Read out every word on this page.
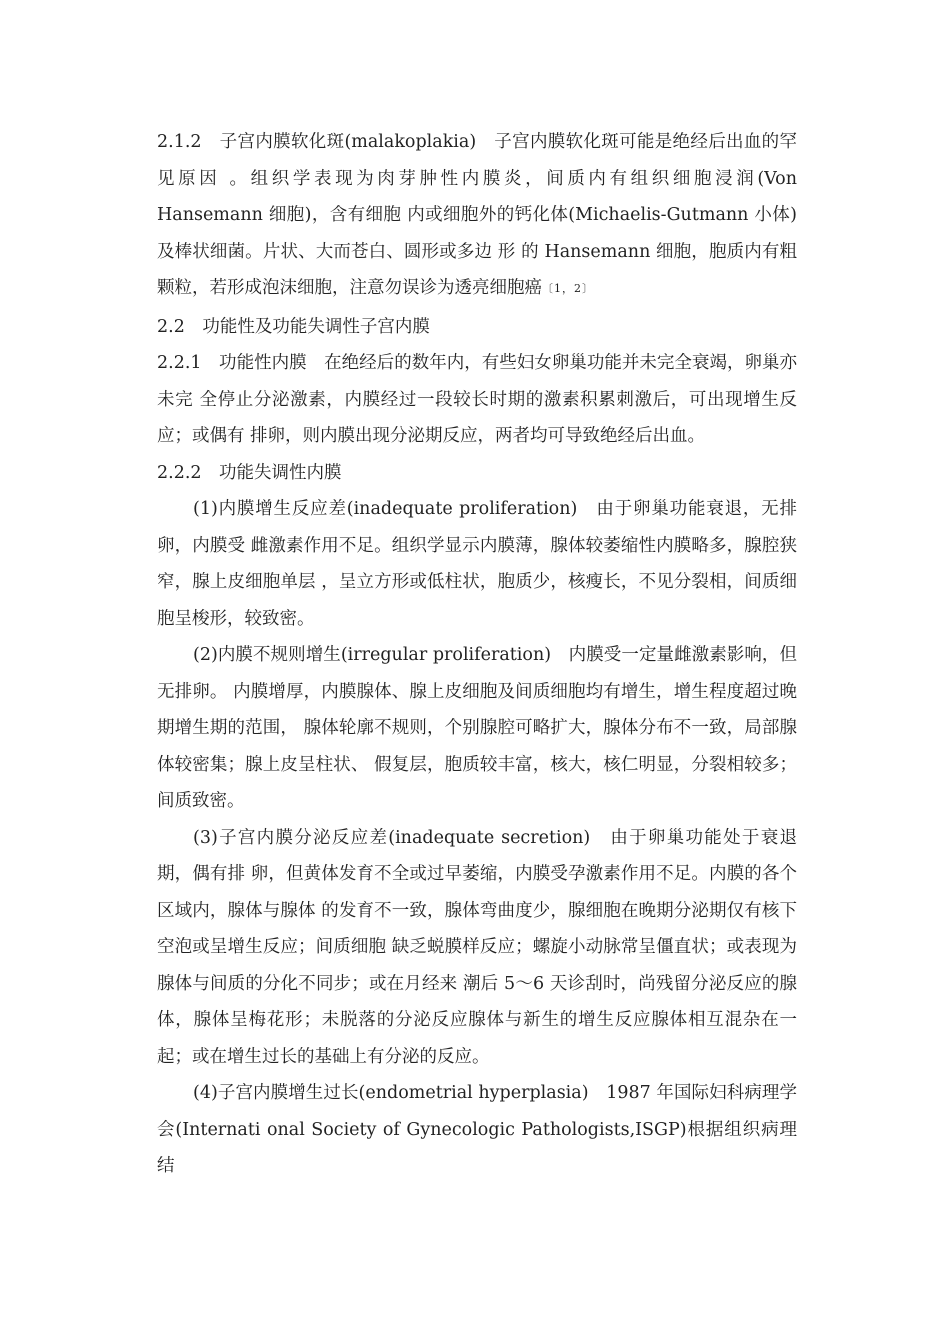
2.1.2　子宫内膜软化斑(malakoplakia)　子宫内膜软化斑可能是绝经后出血的罕见原因 。组织学表现为肉芽肿性内膜炎，间质内有组织细胞浸润(Von Hansemann 细胞)，含有细胞 内或细胞外的钙化体(Michaelis-Gutmann 小体)及棒状细菌。片状、大而苍白、圆形或多边 形 的 Hansemann 细胞，胞质内有粗颗粒，若形成泡沫细胞，注意勿误诊为透亮细胞癌〔1，2〕

2.2　功能性及功能失调性子宫内膜

2.2.1　功能性内膜　在绝经后的数年内，有些妇女卵巢功能并未完全衰竭，卵巢亦未完 全停止分泌激素，内膜经过一段较长时期的激素积累刺激后，可出现增生反应；或偶有 排卵，则内膜出现分泌期反应，两者均可导致绝经后出血。

2.2.2　功能失调性内膜

(1)内膜增生反应差(inadequate proliferation)　由于卵巢功能衰退，无排卵，内膜受 雌激素作用不足。组织学显示内膜薄，腺体较萎缩性内膜略多，腺腔狭窄，腺上皮细胞单层 ，呈立方形或低柱状，胞质少，核瘦长，不见分裂相，间质细胞呈梭形，较致密。

(2)内膜不规则增生(irregular proliferation)　内膜受一定量雌激素影响，但无排卵。 内膜增厚，内膜腺体、腺上皮细胞及间质细胞均有增生，增生程度超过晚期增生期的范围， 腺体轮廓不规则，个别腺腔可略扩大，腺体分布不一致，局部腺体较密集；腺上皮呈柱状、 假复层，胞质较丰富，核大，核仁明显，分裂相较多；间质致密。

(3)子宫内膜分泌反应差(inadequate secretion)　由于卵巢功能处于衰退期，偶有排 卵，但黄体发育不全或过早萎缩，内膜受孕激素作用不足。内膜的各个区域内，腺体与腺体 的发育不一致，腺体弯曲度少，腺细胞在晚期分泌期仅有核下空泡或呈增生反应；间质细胞 缺乏蜕膜样反应；螺旋小动脉常呈僵直状；或表现为腺体与间质的分化不同步；或在月经来 潮后 5～6 天诊刮时，尚残留分泌反应的腺体，腺体呈梅花形；未脱落的分泌反应腺体与新生的增生反应腺体相互混杂在一起；或在增生过长的基础上有分泌的反应。

(4)子宫内膜增生过长(endometrial hyperplasia)　1987 年国际妇科病理学会(Internati onal Society of Gynecologic Pathologists,ISGP)根据组织病理结
